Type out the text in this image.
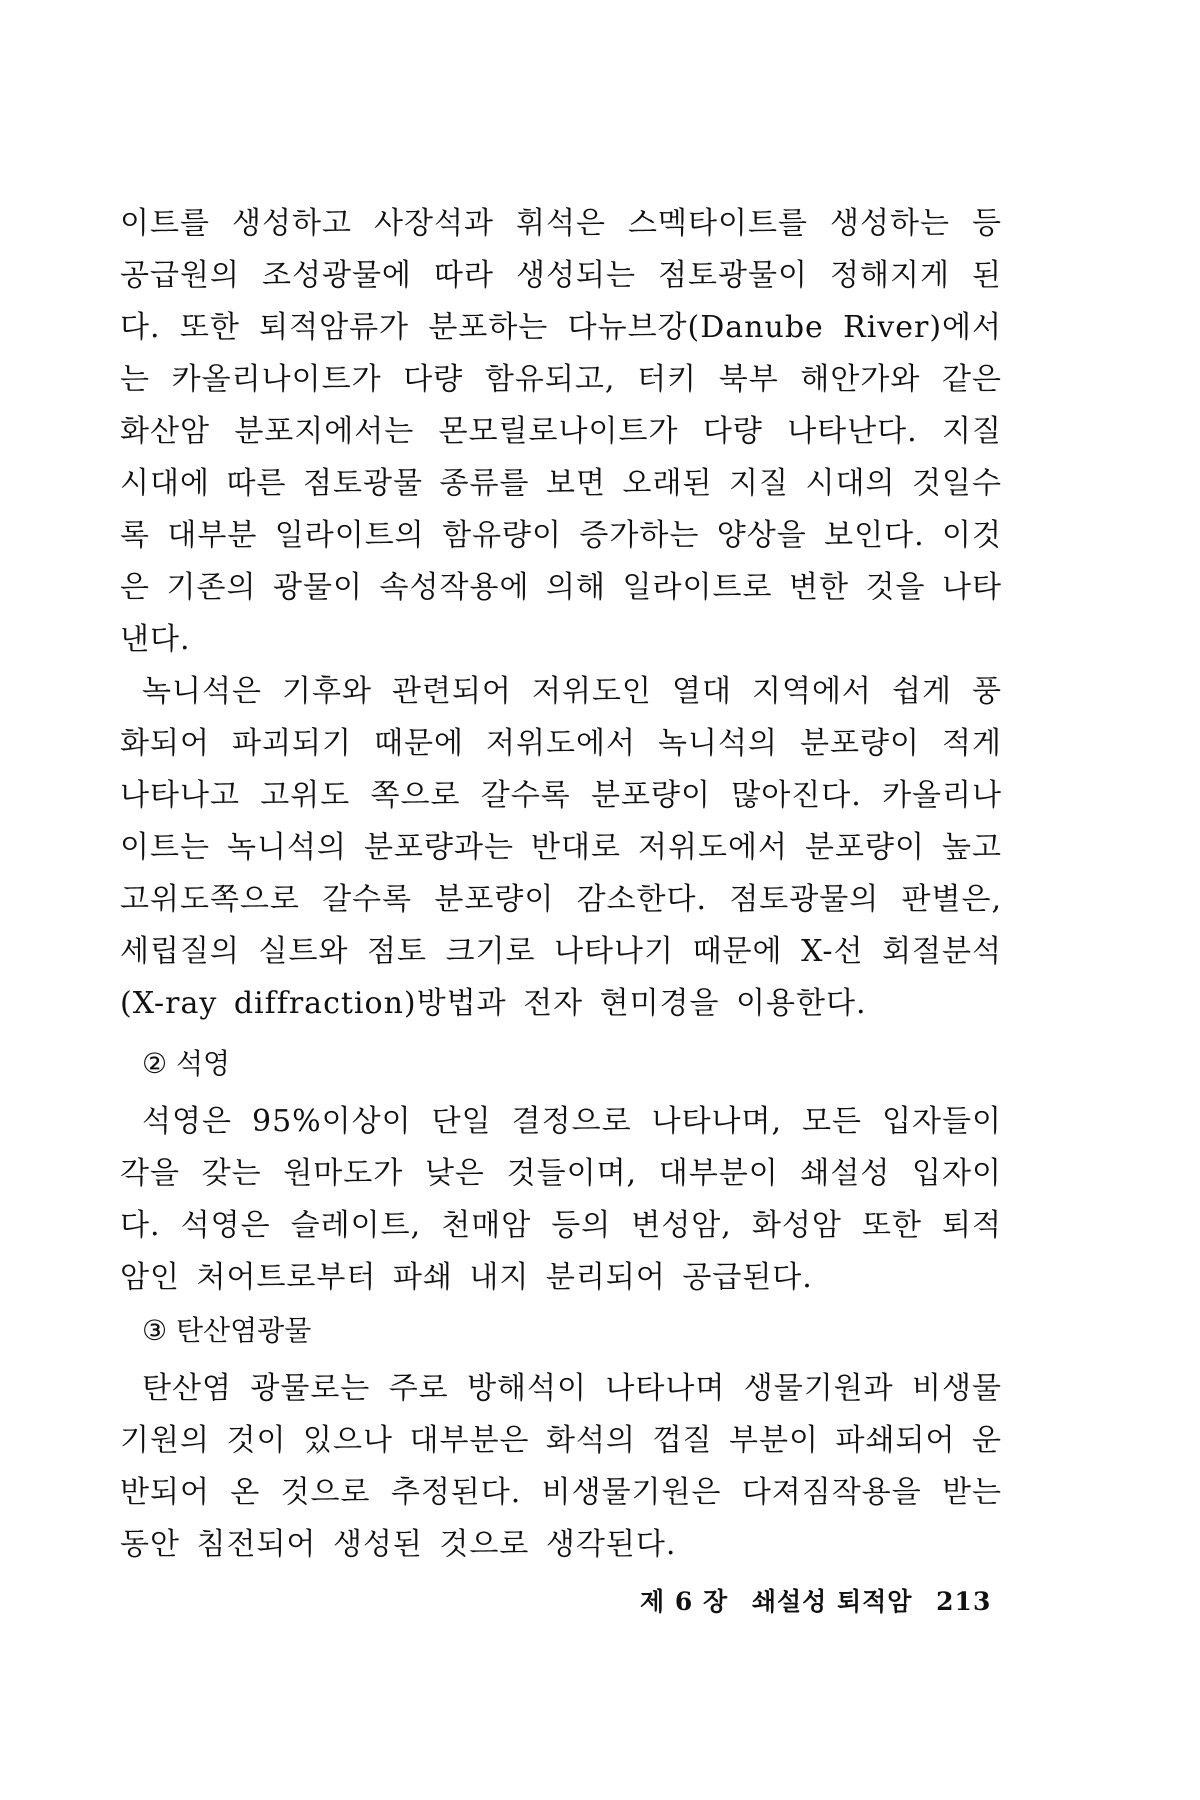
이트를 생성하고 사장석과 휘석은 스멕타이트를 생성하는 등 공급원의 조성광물에 따라 생성되는 점토광물이 정해지게 된다. 또한 퇴적암류가 분포하는 다뉴브강(Danube River)에서는 카올리나이트가 다량 함유되고, 터키 북부 해안가와 같은 화산암 분포지에서는 몬모릴로나이트가 다량 나타난다. 지질 시대에 따른 점토광물 종류를 보면 오래된 지질 시대의 것일수록 대부분 일라이트의 함유량이 증가하는 양상을 보인다. 이것은 기존의 광물이 속성작용에 의해 일라이트로 변한 것을 나타낸다.

녹니석은 기후와 관련되어 저위도인 열대 지역에서 쉽게 풍화되어 파괴되기 때문에 저위도에서 녹니석의 분포량이 적게 나타나고 고위도 쪽으로 갈수록 분포량이 많아진다. 카올리나이트는 녹니석의 분포량과는 반대로 저위도에서 분포량이 높고 고위도쪽으로 갈수록 분포량이 감소한다. 점토광물의 판별은, 세립질의 실트와 점토 크기로 나타나기 때문에 X-선 회절분석(X-ray diffraction)방법과 전자 현미경을 이용한다.

② 석영

석영은 95%이상이 단일 결정으로 나타나며, 모든 입자들이 각을 갖는 원마도가 낮은 것들이며, 대부분이 쇄설성 입자이다. 석영은 슬레이트, 천매암 등의 변성암, 화성암 또한 퇴적암인 처어트로부터 파쇄 내지 분리되어 공급된다.

③ 탄산염광물

탄산염 광물로는 주로 방해석이 나타나며 생물기원과 비생물기원의 것이 있으나 대부분은 화석의 껍질 부분이 파쇄되어 운반되어 온 것으로 추정된다. 비생물기원은 다져짐작용을 받는 동안 침전되어 생성된 것으로 생각된다.

제 6 장 쇄설성 퇴적암 213
